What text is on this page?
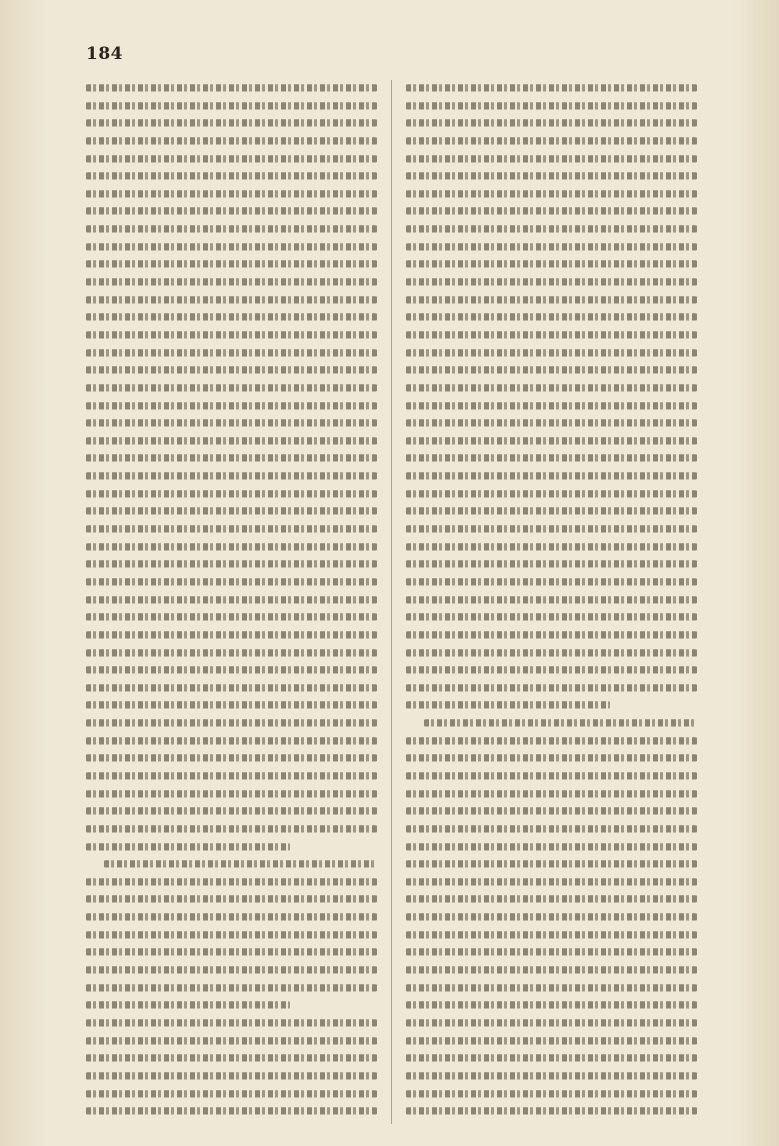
184
